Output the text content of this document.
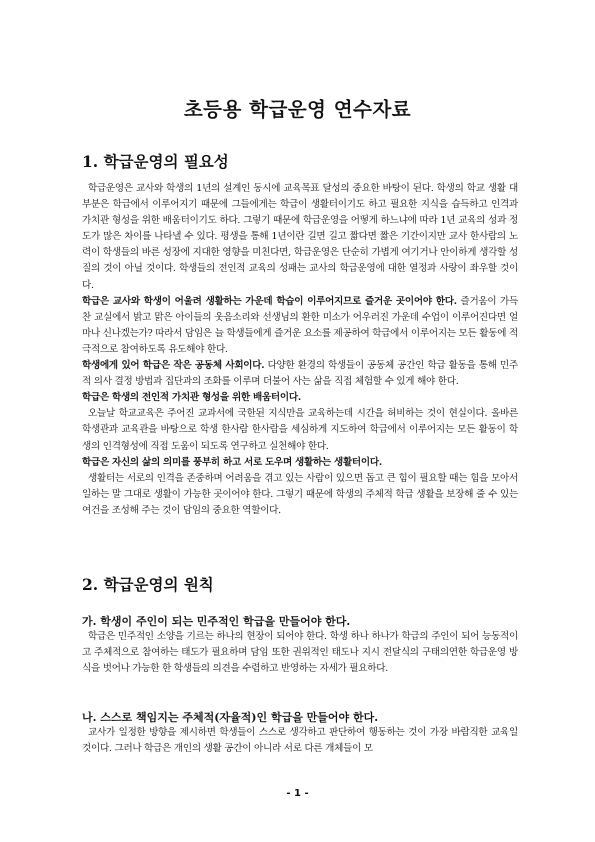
초등용 학급운영 연수자료
1. 학급운영의 필요성

학급운영은 교사와 학생의 1년의 설계인 동시에 교육목표 달성의 중요한 바탕이 된다. 학생의 학교 생활 대부분은 학급에서 이루어지기 때문에 그들에게는 학급이 생활터이기도 하고 필요한 지식을 습득하고 인격과 가치관 형성을 위한 배움터이기도 하다. 그렇기 때문에 학급운영을 어떻게 하느냐에 따라 1년 교육의 성과 정도가 많은 차이를 나타낼 수 있다. 평생을 통해 1년이란 길면 길고 짧다면 짧은 기간이지만 교사 한사람의 노력이 학생들의 바른 성장에 지대한 영향을 미친다면, 학급운영은 단순히 가볍게 여기거나 안이하게 생각할 성질의 것이 아닐 것이다. 학생들의 전인적 교육의 성패는 교사의 학급운영에 대한 열정과 사랑이 좌우할 것이다.

학급은 교사와 학생이 어울려 생활하는 가운데 학습이 이루어지므로 즐거운 곳이어야 한다. 즐거움이 가득 찬 교실에서 밝고 맑은 아이들의 웃음소리와 선생님의 환한 미소가 어우러진 가운데 수업이 이루어진다면 얼마나 신나겠는가? 따라서 담임은 늘 학생들에게 즐거운 요소를 제공하여 학급에서 이루어지는 모든 활동에 적극적으로 참여하도록 유도해야 한다.

학생에게 있어 학급은 작은 공동체 사회이다. 다양한 환경의 학생들이 공동체 공간인 학급 활동을 통해 민주적 의사 결정 방법과 집단과의 조화를 이루며 더불어 사는 삶을 직접 체험할 수 있게 해야 한다.

학급은 학생의 전인적 가치관 형성을 위한 배움터이다.

오늘날 학교교육은 주어진 교과서에 국한된 지식만을 교육하는데 시간을 허비하는 것이 현실이다. 올바른 학생관과 교육관을 바탕으로 학생 한사람 한사람을 세심하게 지도하여 학급에서 이루어지는 모든 활동이 학생의 인격형성에 직접 도움이 되도록 연구하고 실천해야 한다.

학급은 자신의 삶의 의미를 풍부히 하고 서로 도우며 생활하는 생활터이다.

생활터는 서로의 인격을 존중하며 어려움을 겪고 있는 사람이 있으면 돕고 큰 힘이 필요할 때는 힘을 모아서 일하는 말 그대로 생활이 가능한 곳이어야 한다. 그렇기 때문에 학생의 주체적 학급 생활을 보장해 줄 수 있는 여건을 조성해 주는 것이 담임의 중요한 역할이다.

2. 학급운영의 원칙
가. 학생이 주인이 되는 민주적인 학급을 만들어야 한다.

학급은 민주적인 소양을 기르는 하나의 현장이 되어야 한다. 학생 하나 하나가 학급의 주인이 되어 능동적이고 주체적으로 참여하는 태도가 필요하며 담임 또한 권위적인 태도나 지시 전달식의 구태의연한 학급운영 방식을 벗어나 가능한 한 학생들의 의견을 수렴하고 반영하는 자세가 필요하다.

나. 스스로 책임지는 주체적(자율적)인 학급을 만들어야 한다.

교사가 일정한 방향을 제시하면 학생들이 스스로 생각하고 판단하여 행동하는 것이 가장 바람직한 교육일 것이다. 그러나 학급은 개인의 생활 공간이 아니라 서로 다른 개체들이 모

- 1 -
